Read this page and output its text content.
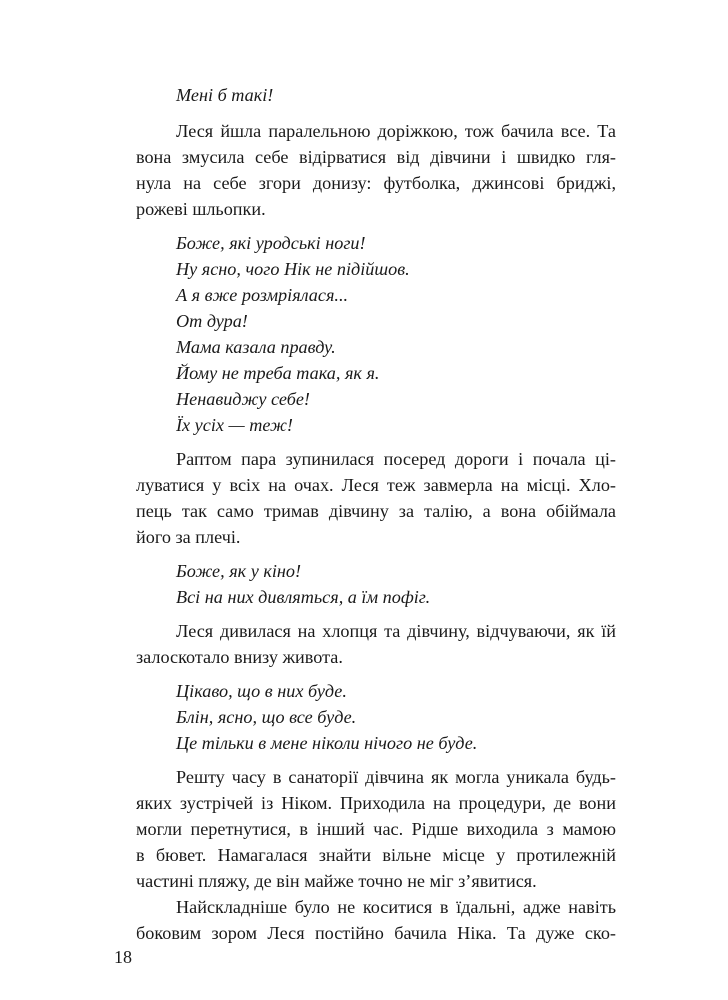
Мені б такі!
Леся йшла паралельною доріжкою, тож бачила все. Та
вона змусила себе відірватися від дівчини і швидко гля-
нула на себе згори донизу: футболка, джинсові бриджі,
рожеві шльопки.
Боже, які уродські ноги!
Ну ясно, чого Нік не підійшов.
А я вже розмріялася...
От дура!
Мама казала правду.
Йому не треба така, як я.
Ненавиджу себе!
Їх усіх — теж!
Раптом пара зупинилася посеред дороги і почала ці-
луватися у всіх на очах. Леся теж завмерла на місці. Хло-
пець так само тримав дівчину за талію, а вона обіймала
його за плечі.
Боже, як у кіно!
Всі на них дивляться, а їм пофіг.
Леся дивилася на хлопця та дівчину, відчуваючи, як їй
залоскотало внизу живота.
Цікаво, що в них буде.
Блін, ясно, що все буде.
Це тільки в мене ніколи нічого не буде.
Решту часу в санаторії дівчина як могла уникала будь-
яких зустрічей із Ніком. Приходила на процедури, де вони
могли перетнутися, в інший час. Рідше виходила з мамою
в бювет. Намагалася знайти вільне місце у протилежній
частині пляжу, де він майже точно не міг з’явитися.
Найскладніше було не коситися в їдальні, адже навіть
боковим зором Леся постійно бачила Ніка. Та дуже ско-
18
